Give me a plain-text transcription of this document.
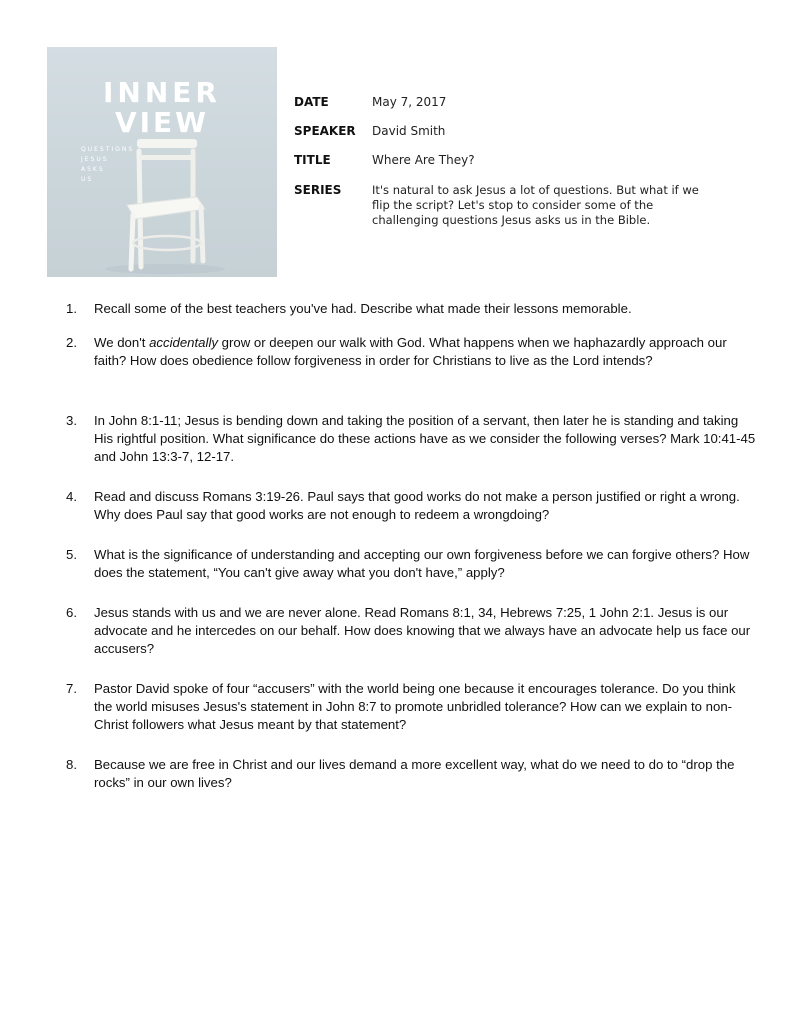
INNER

VIEW

QUESTIONS
JESUS
ASKS
US
DATE	May 7, 2017
SPEAKER David Smith
TITLE	Where Are They?
SERIES	It's natural to ask Jesus a lot of questions. But what if we flip the script? Let's stop to consider some of the challenging questions Jesus asks us in the Bible.
1. Recall some of the best teachers you've had. Describe what made their lessons memorable.
2. We don't accidentally grow or deepen our walk with God. What happens when we haphazardly approach our faith? How does obedience follow forgiveness in order for Christians to live as the Lord intends?
3. In John 8:1-11; Jesus is bending down and taking the position of a servant, then later he is standing and taking His rightful position. What significance do these actions have as we consider the following verses? Mark 10:41-45 and John 13:3-7, 12-17.
4. Read and discuss Romans 3:19-26. Paul says that good works do not make a person justified or right a wrong. Why does Paul say that good works are not enough to redeem a wrongdoing?
5. What is the significance of understanding and accepting our own forgiveness before we can forgive others? How does the statement, “You can't give away what you don't have,” apply?
6. Jesus stands with us and we are never alone. Read Romans 8:1, 34, Hebrews 7:25, 1 John 2:1. Jesus is our advocate and he intercedes on our behalf. How does knowing that we always have an advocate help us face our accusers?
7. Pastor David spoke of four “accusers” with the world being one because it encourages tolerance. Do you think the world misuses Jesus's statement in John 8:7 to promote unbridled tolerance? How can we explain to non-Christ followers what Jesus meant by that statement?
8. Because we are free in Christ and our lives demand a more excellent way, what do we need to do to “drop the rocks” in our own lives?
